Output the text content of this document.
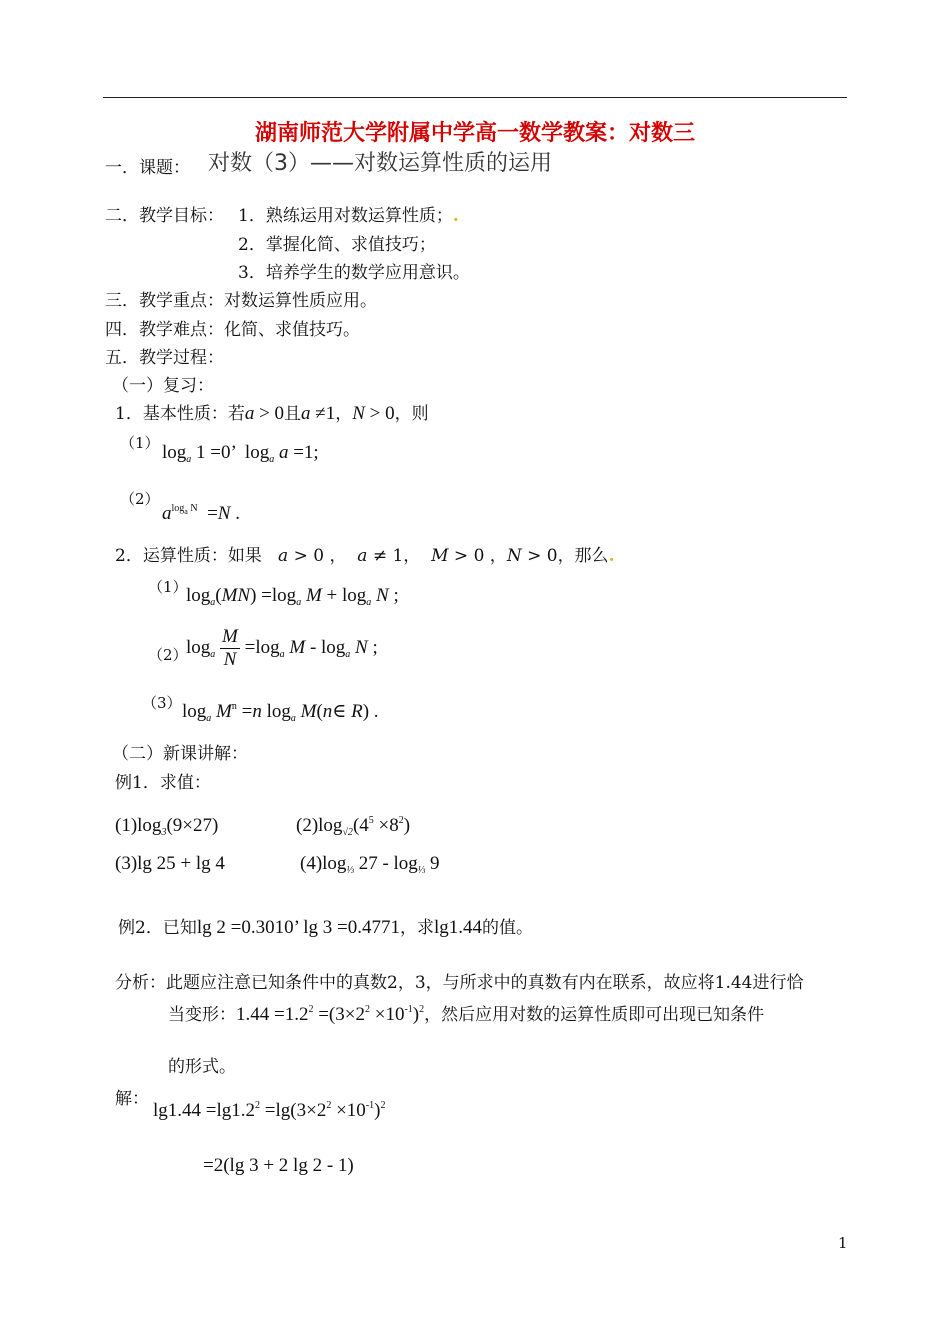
湖南师范大学附属中学高一数学教案：对数三
一．课题： 对数（3）——对数运算性质的运用
二．教学目标： 1．熟练运用对数运算性质；.
2．掌握化简、求值技巧；
3．培养学生的数学应用意识。
三．教学重点：对数运算性质应用。
四．教学难点：化简、求值技巧。
五．教学过程：
（一）复习：
1．基本性质：若a > 0且a ≠1，N > 0，则
（1） $\log_a 1 =0$’  $\log_a a =1$;
（2）
$a^{log_a N} =N$ .
2．运算性质：如果 a > 0 ，  a ≠ 1，  M > 0 ，N > 0，那么.
（1）
$\log_a(MN) =\log_a$ $M + \log_a N$ ;
（2）
$\log_a \frac{M}{N} =\log_a$ M - $\log_a N$ ;
（3） $\log_a M^n =n$ $\log_a$ M(n∈ R) .
（二）新课讲解：
例1．求值：
$(1)\log_3(9\times 27)$	$(2)\log_{√2}(4^5 \times 8^2)$
(3)lg 25 + lg 4	$(4)\log_{\frac{1}{3}}$ $27 - \log_{\frac{1}{3}} 9$
例2．已知lg 2 =0.3010’ lg 3 =0.4771，求lg1.44的值。
分析：此题应注意已知条件中的真数2，3，与所求中的真数有内在联系，故应将1.44进行恰
当变形：$1.44 =1.2^2 =(3\times 2^2 \times 10^{-1})^2$，然后应用对数的运算性质即可出现已知条件
的形式。
解：
$\lg 1.44 =\lg 1.2^2 =\lg(3\times 2^2 \times 10^{-1})^2$
=2(lg 3 + 2 lg 2 - 1)
1
